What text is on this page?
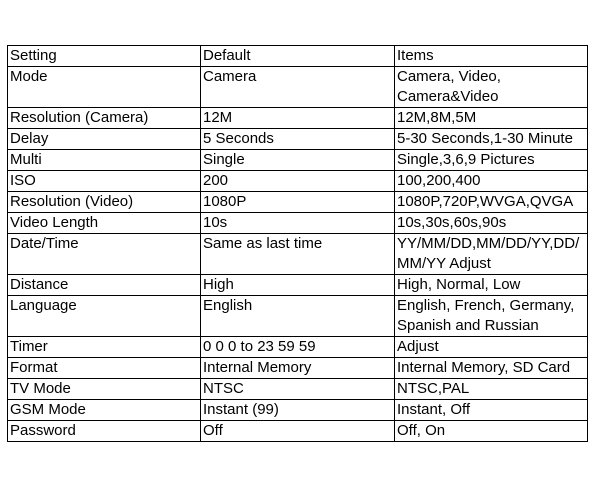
Setting	Default	Items
Mode	Camera	Camera, Video,
Camera&Video

Resolution (Camera)	12M	12M,8M,5M

Delay	5 Seconds	5-30 Seconds,1-30 Minute

Multi	Single	Single,3,6,9 Pictures

ISO	200	100,200,400

Resolution (Video)	1080P	1080P,720P,WVGA,QVGA

Video Length	10s	10s,30s,60s,90s

Date/Time	Same as last time	YY/MM/DD,MM/DD/YY,DD/
MM/YY Adjust

Distance	High	High, Normal, Low

Language	English	English, French, Germany,
Spanish and Russian

Timer	0 0 0 to 23 59 59	Adjust

Format	Internal Memory	Internal Memory, SD Card

TV Mode	NTSC	NTSC,PAL

GSM Mode	Instant (99)	Instant, Off

Password	Off	Off, On
